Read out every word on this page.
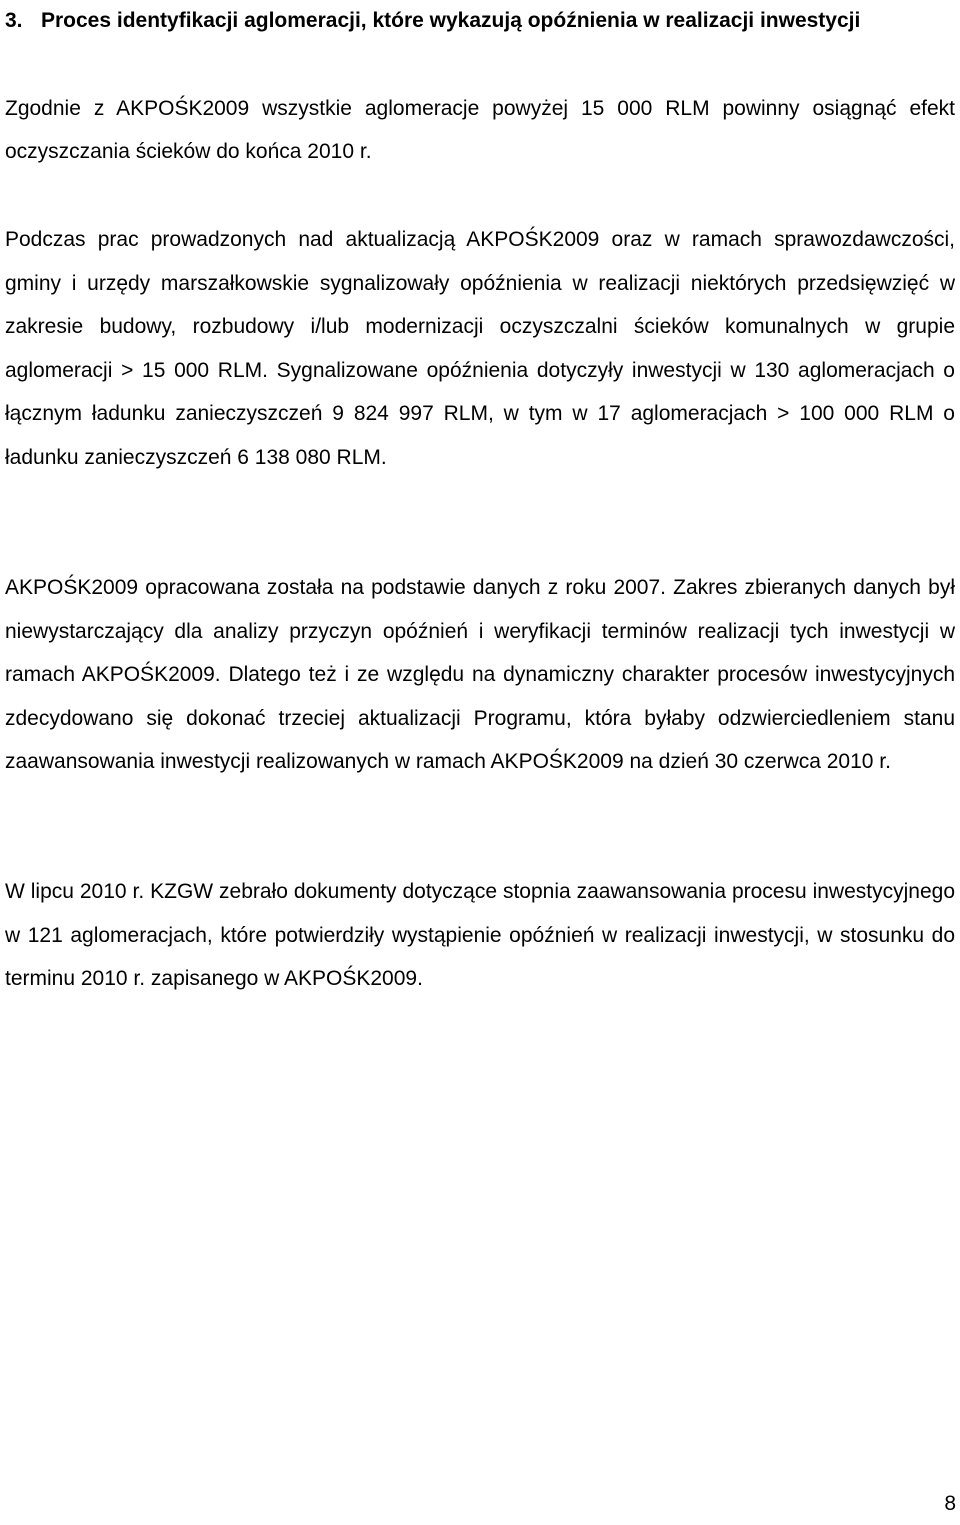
3. Proces identyfikacji aglomeracji, które wykazują opóźnienia w realizacji inwestycji

Zgodnie z AKPOŚK2009 wszystkie aglomeracje powyżej 15 000 RLM powinny osiągnąć efekt oczyszczania ścieków do końca 2010 r.

Podczas prac prowadzonych nad aktualizacją AKPOŚK2009 oraz w ramach sprawozdawczości, gminy i urzędy marszałkowskie sygnalizowały opóźnienia w realizacji niektórych przedsięwzięć w zakresie budowy, rozbudowy i/lub modernizacji oczyszczalni ścieków komunalnych w grupie aglomeracji > 15 000 RLM. Sygnalizowane opóźnienia dotyczyły inwestycji w 130 aglomeracjach o łącznym ładunku zanieczyszczeń 9 824 997 RLM, w tym w 17 aglomeracjach > 100 000 RLM o ładunku zanieczyszczeń 6 138 080 RLM.

AKPOŚK2009 opracowana została na podstawie danych z roku 2007. Zakres zbieranych danych był niewystarczający dla analizy przyczyn opóźnień i weryfikacji terminów realizacji tych inwestycji w ramach AKPOŚK2009. Dlatego też i ze względu na dynamiczny charakter procesów inwestycyjnych zdecydowano się dokonać trzeciej aktualizacji Programu, która byłaby odzwierciedleniem stanu zaawansowania inwestycji realizowanych w ramach AKPOŚK2009 na dzień 30 czerwca 2010 r.

W lipcu 2010 r. KZGW zebrało dokumenty dotyczące stopnia zaawansowania procesu inwestycyjnego w 121 aglomeracjach, które potwierdziły wystąpienie opóźnień w realizacji inwestycji, w stosunku do terminu 2010 r. zapisanego w AKPOŚK2009.

8
